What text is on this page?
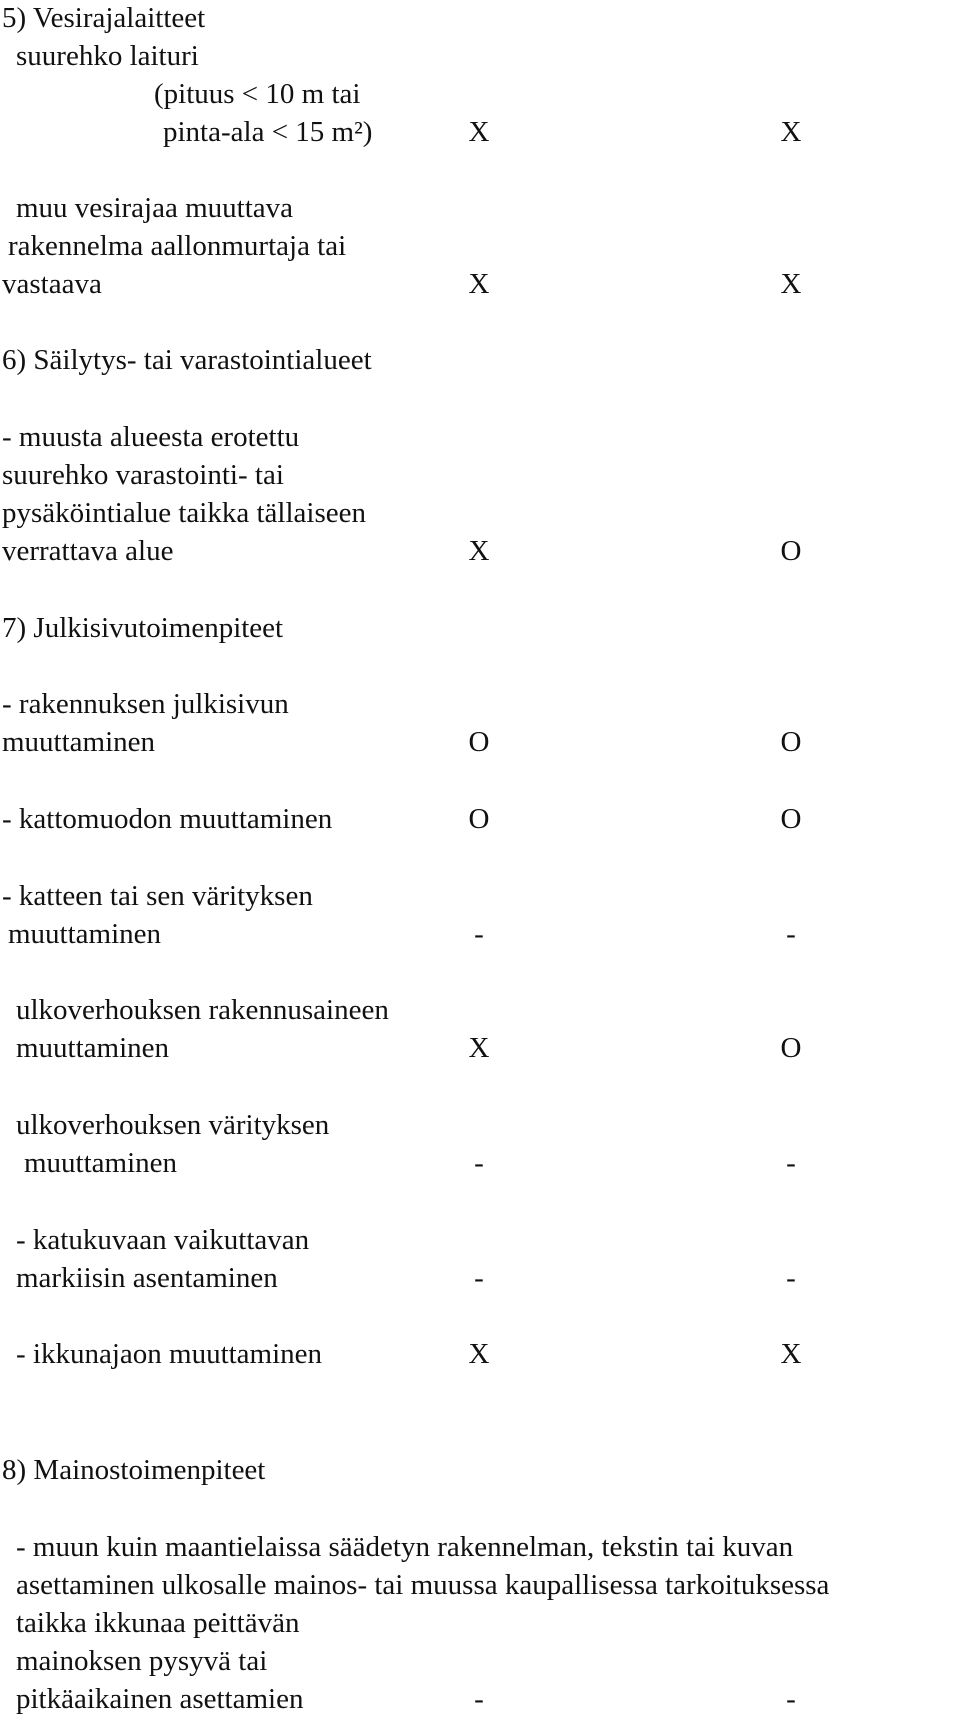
5) Vesirajalaitteet
suurehko laituri
(pituus < 10 m tai
pinta-ala < 15 m²)	X	X
muu vesirajaa muuttava
rakennelma aallonmurtaja tai
vastaava	X	X
6) Säilytys- tai varastointialueet
- muusta alueesta erotettu
suurehko varastointi- tai
pysäköintialue taikka tällaiseen
verrattava alue	X	O
7) Julkisivutoimenpiteet
- rakennuksen julkisivun
muuttaminen	O	O
- kattomuodon muuttaminen	O	O
- katteen tai sen värityksen
muuttaminen	-	-
ulkoverhouksen rakennusaineen
muuttaminen	X	O
ulkoverhouksen värityksen
muuttaminen	-	-
- katukuvaan vaikuttavan
markiisin asentaminen	-	-
- ikkunajaon muuttaminen	X	X
8) Mainostoimenpiteet
- muun kuin maantielaissa säädetyn rakennelman, tekstin tai kuvan
asettaminen ulkosalle mainos- tai muussa kaupallisessa tarkoituksessa
taikka ikkunaa peittävän
mainoksen pysyvä tai
pitkäaikainen asettamien	-	-
